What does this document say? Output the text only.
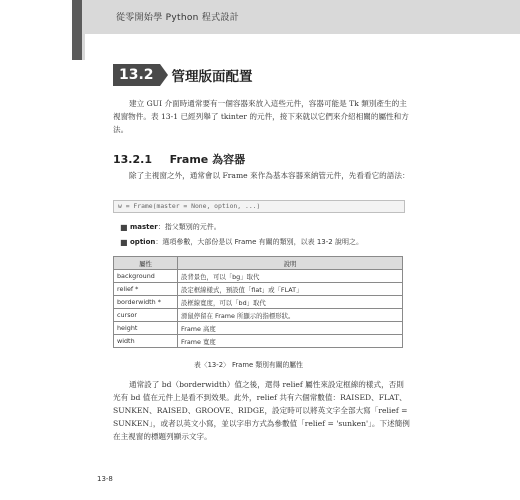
從零開始學 Python 程式設計
13.2	管理版面配置

建立 GUI 介面時通常要有一個容器來放入這些元件，容器可能是 Tk 類別產生的主視窗物件。表 13-1 已經列舉了 tkinter 的元件，接下來就以它們來介紹相關的屬性和方法。

13.2.1 Frame 為容器

除了主視窗之外，通常會以 Frame 來作為基本容器來納管元件，先看看它的語法：

w = Frame(master = None, option, ...)
■ master：指父類別的元件。
■ option：選項參數，大部份是以 Frame 有關的類別，以表 13-2 說明之。
屬性	說明
background	設背景色，可以「bg」取代
relief *	設定框線樣式，預設值「flat」或「FLAT」
borderwidth *	設框線寬度，可以「bd」取代
cursor	滑鼠停留在 Frame 所顯示的指標形狀。
height	Frame 高度
width	Frame 寬度
表〈13-2〉 Frame 類別有關的屬性

通常設了 bd（borderwidth）值之後，還得 relief 屬性來設定框線的樣式，否則光有 bd 值在元件上是看不到效果。此外，relief 共有六個常數值：RAISED、FLAT、SUNKEN、RAISED、GROOVE、RIDGE，設定時可以將英文字全部大寫「relief = SUNKEN」，或者以英文小寫，並以字串方式為參數值「relief = 'sunken'」。下述簡例在主視窗的標題列顯示文字。

13-8
